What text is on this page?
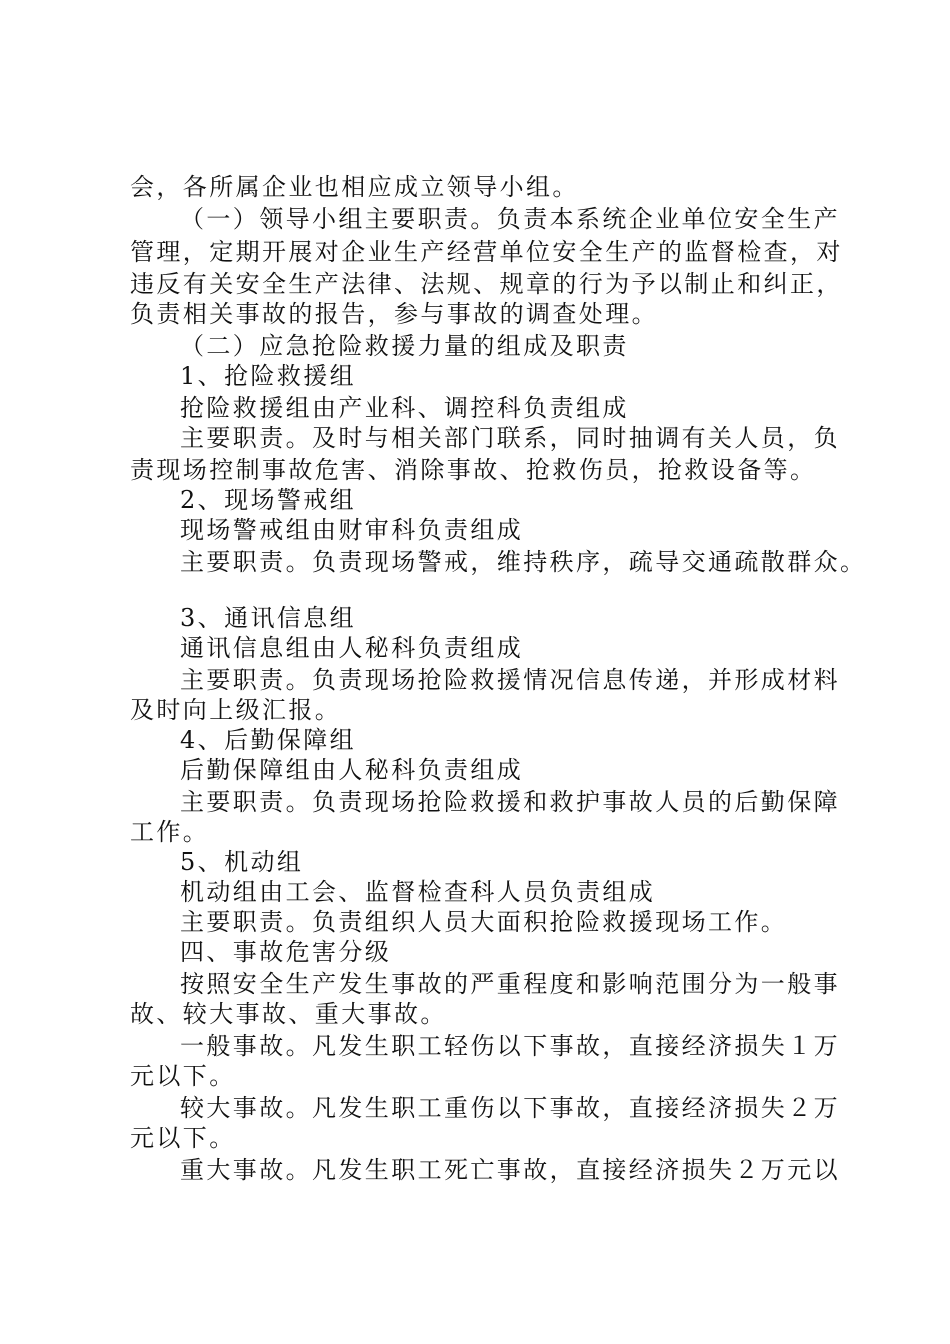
会，各所属企业也相应成立领导小组。
（一）领导小组主要职责。负责本系统企业单位安全生产
管理，定期开展对企业生产经营单位安全生产的监督检查，对
违反有关安全生产法律、法规、规章的行为予以制止和纠正，
负责相关事故的报告，参与事故的调查处理。
（二）应急抢险救援力量的组成及职责
1、抢险救援组
抢险救援组由产业科、调控科负责组成
主要职责。及时与相关部门联系，同时抽调有关人员，负
责现场控制事故危害、消除事故、抢救伤员，抢救设备等。
2、现场警戒组
现场警戒组由财审科负责组成
主要职责。负责现场警戒，维持秩序，疏导交通疏散群众。
3、通讯信息组
通讯信息组由人秘科负责组成
主要职责。负责现场抢险救援情况信息传递，并形成材料
及时向上级汇报。
4、后勤保障组
后勤保障组由人秘科负责组成
主要职责。负责现场抢险救援和救护事故人员的后勤保障
工作。
5、机动组
机动组由工会、监督检查科人员负责组成
主要职责。负责组织人员大面积抢险救援现场工作。
四、事故危害分级
按照安全生产发生事故的严重程度和影响范围分为一般事
故、较大事故、重大事故。
一般事故。凡发生职工轻伤以下事故，直接经济损失１万
元以下。
较大事故。凡发生职工重伤以下事故，直接经济损失２万
元以下。
重大事故。凡发生职工死亡事故，直接经济损失２万元以
